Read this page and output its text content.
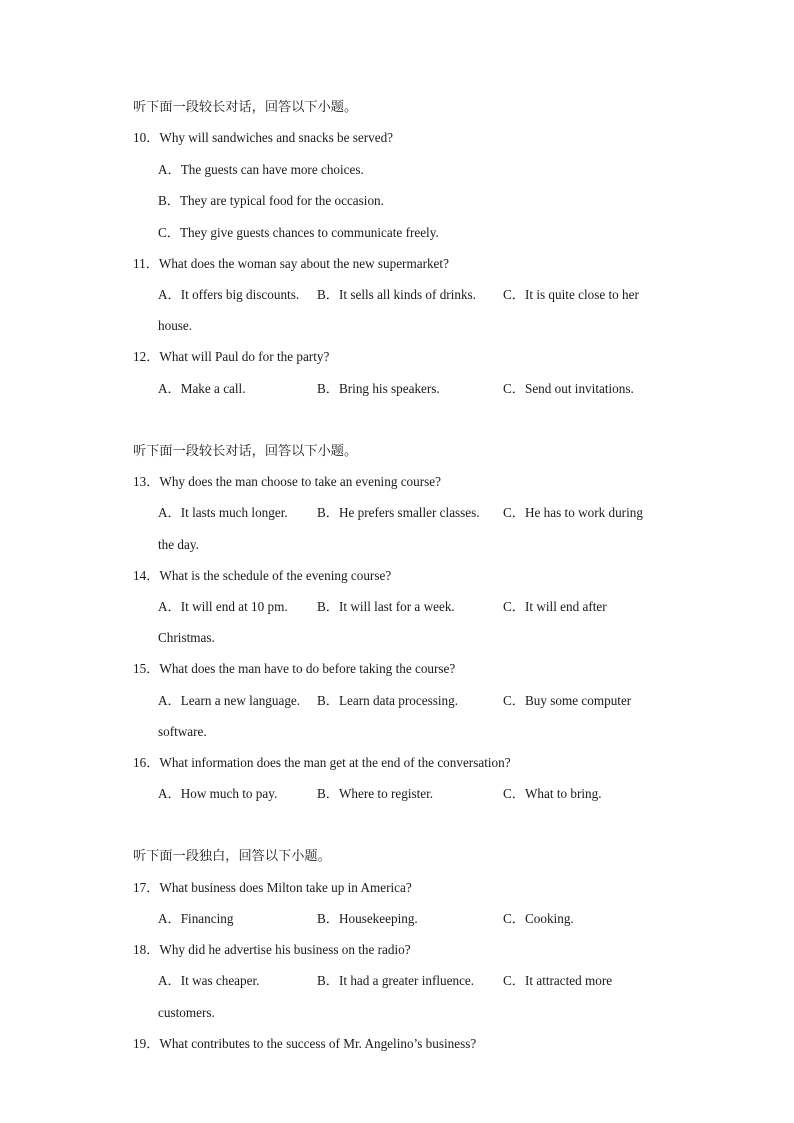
听下面一段较长对话，回答以下小题。
10．Why will sandwiches and snacks be served?
A．The guests can have more choices.
B．They are typical food for the occasion.
C．They give guests chances to communicate freely.
11．What does the woman say about the new supermarket?
A．It offers big discounts. B．It sells all kinds of drinks. C．It is quite close to her
house.
12．What will Paul do for the party?
A．Make a call.	B．Bring his speakers.	C．Send out invitations.
听下面一段较长对话，回答以下小题。
13．Why does the man choose to take an evening course?
A．It lasts much longer. B．He prefers smaller classes. C．He has to work during
the day.
14．What is the schedule of the evening course?
A．It will end at 10 pm. B．It will last for a week.	C．It will end after
Christmas.
15．What does the man have to do before taking the course?
A．Learn a new language. B．Learn data processing.	C．Buy some computer
software.
16．What information does the man get at the end of the conversation?
A．How much to pay.	B．Where to register.	C．What to bring.
听下面一段独白，回答以下小题。
17．What business does Milton take up in America?
A．Financing	B．Housekeeping.	C．Cooking.
18．Why did he advertise his business on the radio?
A．It was cheaper.	B．It had a greater influence. C．It attracted more
customers.
19．What contributes to the success of Mr. Angelino’s business?
